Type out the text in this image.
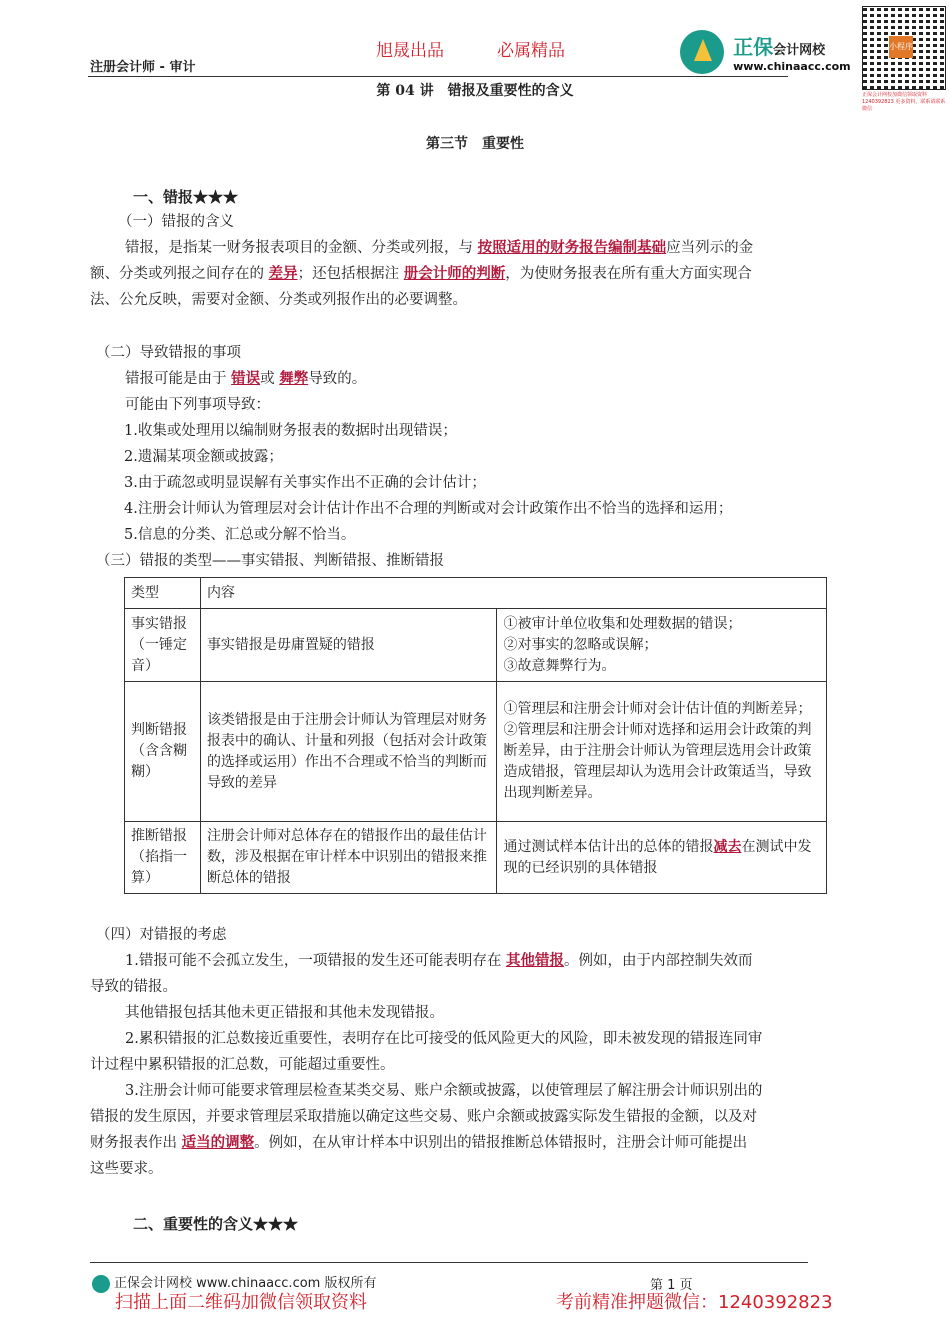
注册会计师 - 审计
旭晟出品	必属精品
	正保会计网校
www.chinaacc.com
小程序
正保会计网校加微信领取资料 1240392823 更多资料，联系请联系微信
第 04 讲　错报及重要性的含义
第三节　重要性
一、错报★★★
（一）错报的含义
错报，是指某一财务报表项目的金额、分类或列报，与 按照适用的财务报告编制基础应当列示的金
额、分类或列报之间存在的 差异；还包括根据注 册会计师的判断，为使财务报表在所有重大方面实现合
法、公允反映，需要对金额、分类或列报作出的必要调整。
（二）导致错报的事项
错报可能是由于 错误或 舞弊导致的。
可能由下列事项导致：
1.收集或处理用以编制财务报表的数据时出现错误；
2.遗漏某项金额或披露；
3.由于疏忽或明显误解有关事实作出不正确的会计估计；
4.注册会计师认为管理层对会计估计作出不合理的判断或对会计政策作出不恰当的选择和运用；
5.信息的分类、汇总或分解不恰当。
（三）错报的类型——事实错报、判断错报、推断错报
类型	内容	
事实错报（一锤定音）	事实错报是毋庸置疑的错报	①被审计单位收集和处理数据的错误；
②对事实的忽略或误解；
③故意舞弊行为。

判断错报（含含糊糊）	该类错报是由于注册会计师认为管理层对财务报表中的确认、计量和列报（包括对会计政策的选择或运用）作出不合理或不恰当的判断而导致的差异	①管理层和注册会计师对会计估计值的判断差异；
②管理层和注册会计师对选择和运用会计政策的判断差异，由于注册会计师认为管理层选用会计政策造成错报，管理层却认为选用会计政策适当，导致出现判断差异。

推断错报（掐指一算）	注册会计师对总体存在的错报作出的最佳估计数，涉及根据在审计样本中识别出的错报来推断总体的错报	通过测试样本估计出的总体的错报减去在测试中发现的已经识别的具体错报
（四）对错报的考虑
1.错报可能不会孤立发生，一项错报的发生还可能表明存在 其他错报。例如，由于内部控制失效而
导致的错报。
其他错报包括其他未更正错报和其他未发现错报。
2.累积错报的汇总数接近重要性，表明存在比可接受的低风险更大的风险，即未被发现的错报连同审
计过程中累积错报的汇总数，可能超过重要性。
3.注册会计师可能要求管理层检查某类交易、账户余额或披露，以使管理层了解注册会计师识别出的
错报的发生原因，并要求管理层采取措施以确定这些交易、账户余额或披露实际发生错报的金额，以及对
财务报表作出 适当的调整。例如，在从审计样本中识别出的错报推断总体错报时，注册会计师可能提出
这些要求。
二、重要性的含义★★★
正保会计网校 www.chinaacc.com 版权所有	第 1 页
扫描上面二维码加微信领取资料	考前精准押题微信：1240392823
